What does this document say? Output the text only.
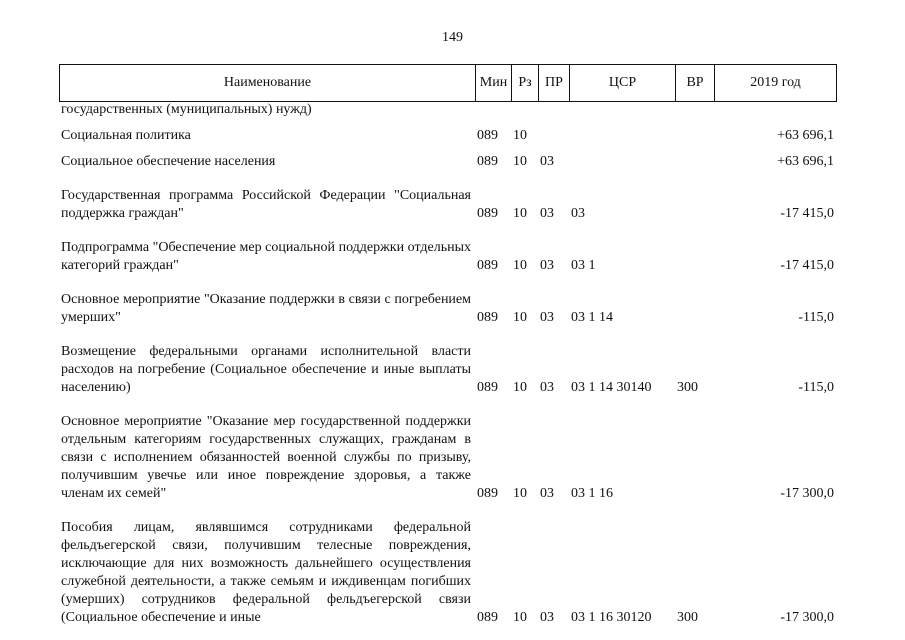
149
Наименование	Мин	Рз	ПР	ЦСР	ВР	2019 год
государственных (муниципальных) нужд)						

Социальная политика	089	10				+63 696,1

Социальное обеспечение населения	089	10	03			+63 696,1

Государственная программа Российской Федерации "Социальная поддержка граждан"	089	10	03	03		-17 415,0

Подпрограмма "Обеспечение мер социальной поддержки отдельных категорий граждан"	089	10	03	03 1		-17 415,0

Основное мероприятие "Оказание поддержки в связи с погребением умерших"	089	10	03	03 1 14		-115,0

Возмещение федеральными органами исполнительной власти расходов на погребение (Социальное обеспечение и иные выплаты населению)	089	10	03	03 1 14 30140	300	-115,0

Основное мероприятие "Оказание мер государственной поддержки отдельным категориям государственных служащих, гражданам в связи с исполнением обязанностей военной службы по призыву, получившим увечье или иное повреждение здоровья, а также членам их семей"	089	10	03	03 1 16		-17 300,0

Пособия лицам, являвшимся сотрудниками федеральной фельдъегерской связи, получившим телесные повреждения, исключающие для них возможность дальнейшего осуществления служебной деятельности, а также семьям и иждивенцам погибших (умерших) сотрудников федеральной фельдъегерской связи (Социальное обеспечение и иные	089	10	03	03 1 16 30120	300	-17 300,0
